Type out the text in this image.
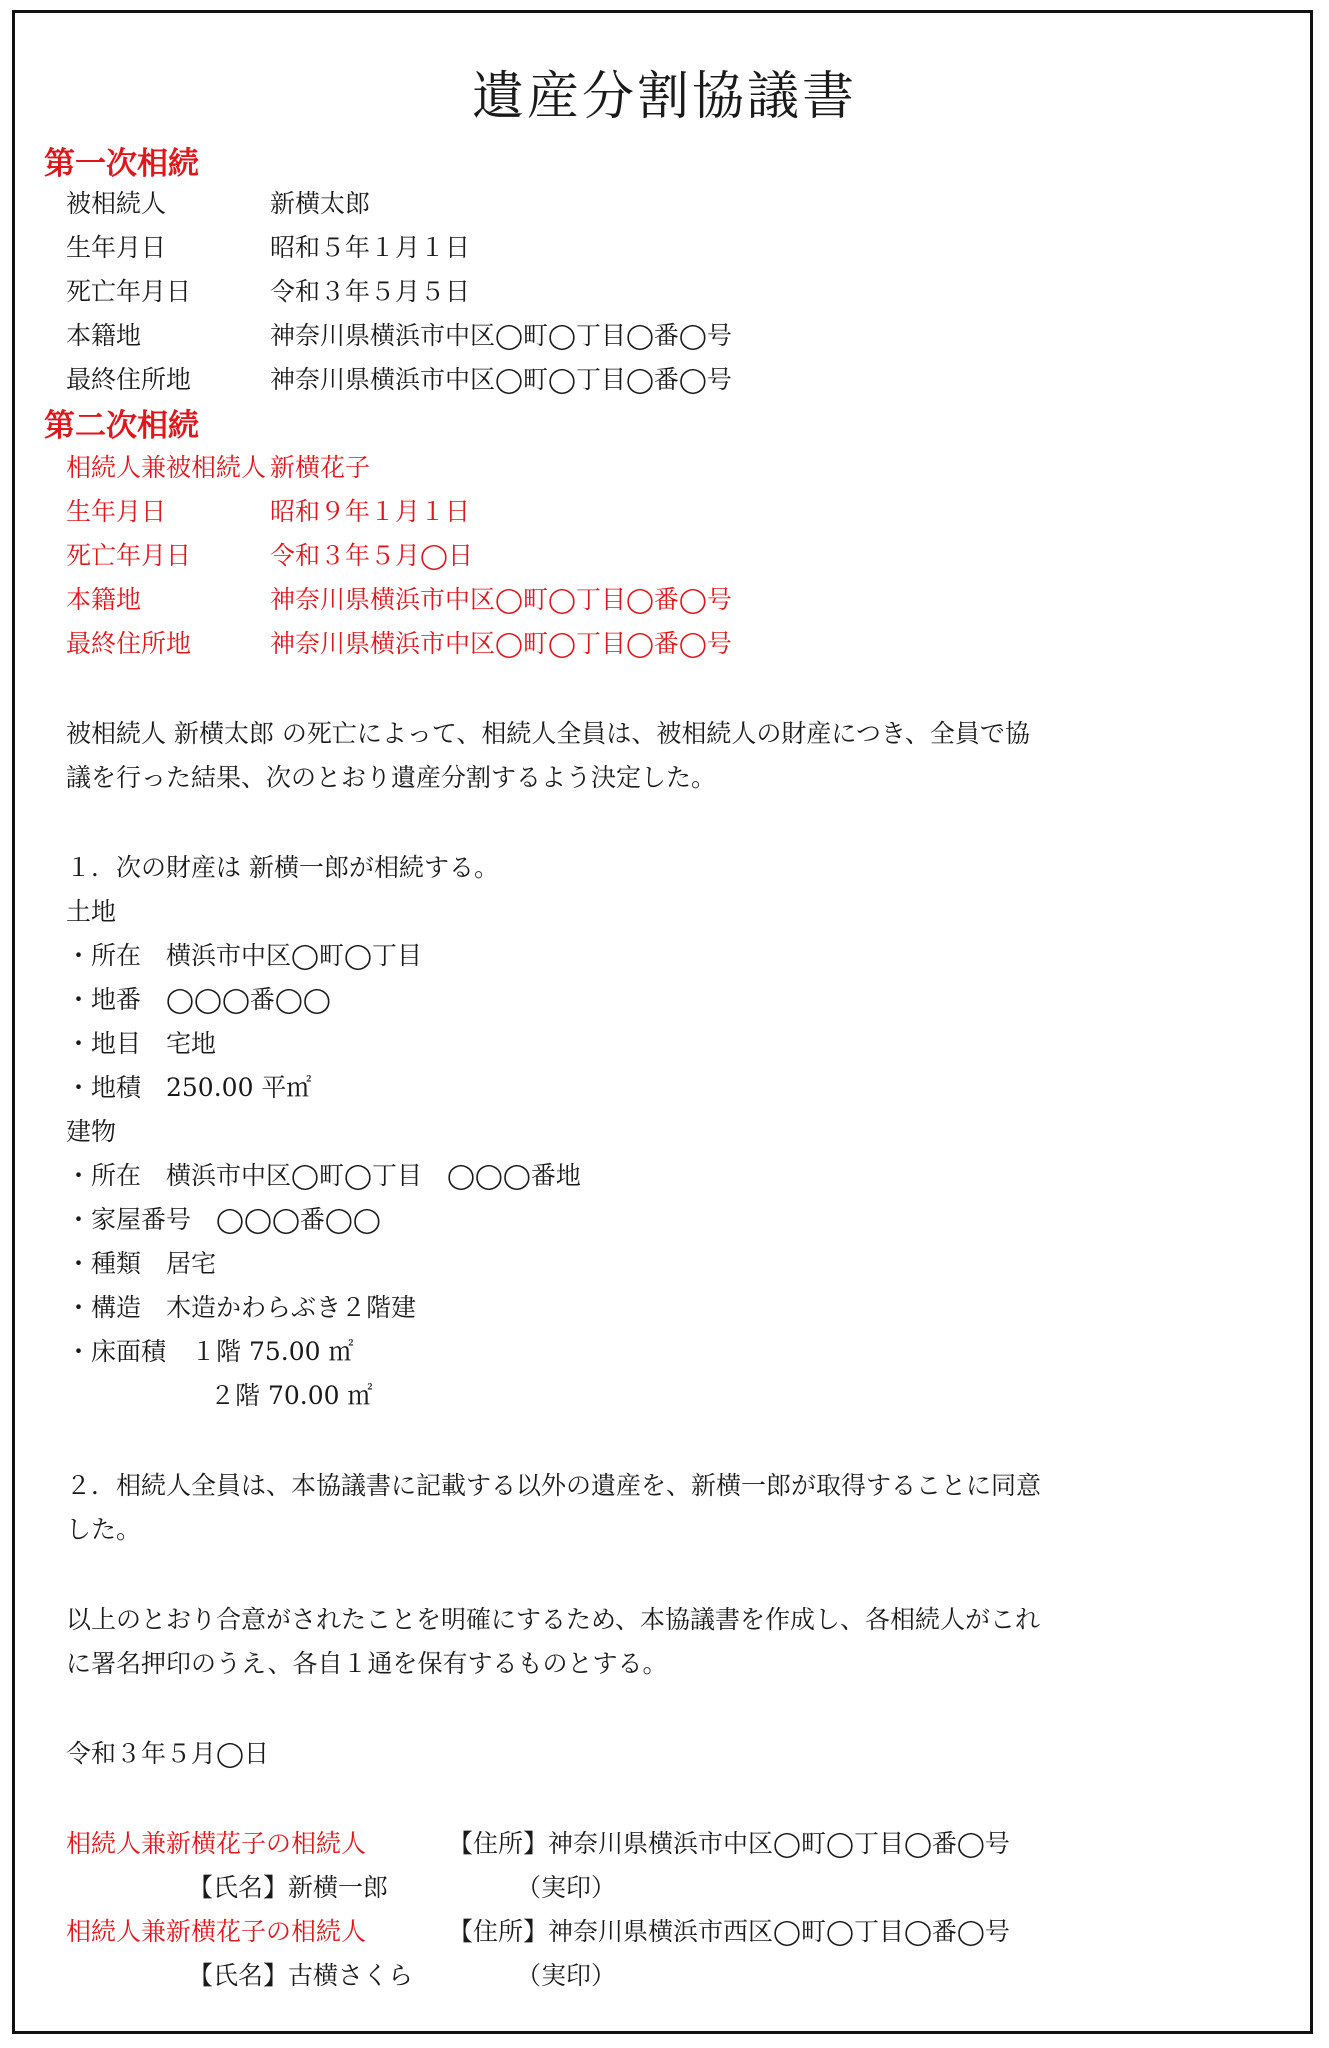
遺産分割協議書
第一次相続
被相続人	新横太郎
生年月日	昭和５年１月１日
死亡年月日	令和３年５月５日
本籍地	神奈川県横浜市中区◯町◯丁目◯番◯号
最終住所地	神奈川県横浜市中区◯町◯丁目◯番◯号
第二次相続
相続人兼被相続人 新横花子
生年月日	昭和９年１月１日
死亡年月日	令和３年５月◯日
本籍地	神奈川県横浜市中区◯町◯丁目◯番◯号
最終住所地	神奈川県横浜市中区◯町◯丁目◯番◯号
被相続人 新横太郎 の死亡によって、相続人全員は、被相続人の財産につき、全員で協
議を行った結果、次のとおり遺産分割するよう決定した。
１．次の財産は 新横一郎が相続する。
土地
・所在　横浜市中区◯町◯丁目
・地番　◯◯◯番◯◯
・地目　宅地
・地積　250.00 平㎡
建物
・所在　横浜市中区◯町◯丁目　◯◯◯番地
・家屋番号　◯◯◯番◯◯
・種類　居宅
・構造　木造かわらぶき２階建
・床面積　１階 75.00 ㎡
２階 70.00 ㎡
２．相続人全員は、本協議書に記載する以外の遺産を、新横一郎が取得することに同意
した。
以上のとおり合意がされたことを明確にするため、本協議書を作成し、各相続人がこれ
に署名押印のうえ、各自１通を保有するものとする。
令和３年５月◯日
相続人兼新横花子の相続人	【住所】神奈川県横浜市中区◯町◯丁目◯番◯号
【氏名】新横一郎	（実印）
相続人兼新横花子の相続人	【住所】神奈川県横浜市西区◯町◯丁目◯番◯号
【氏名】古横さくら	（実印）
